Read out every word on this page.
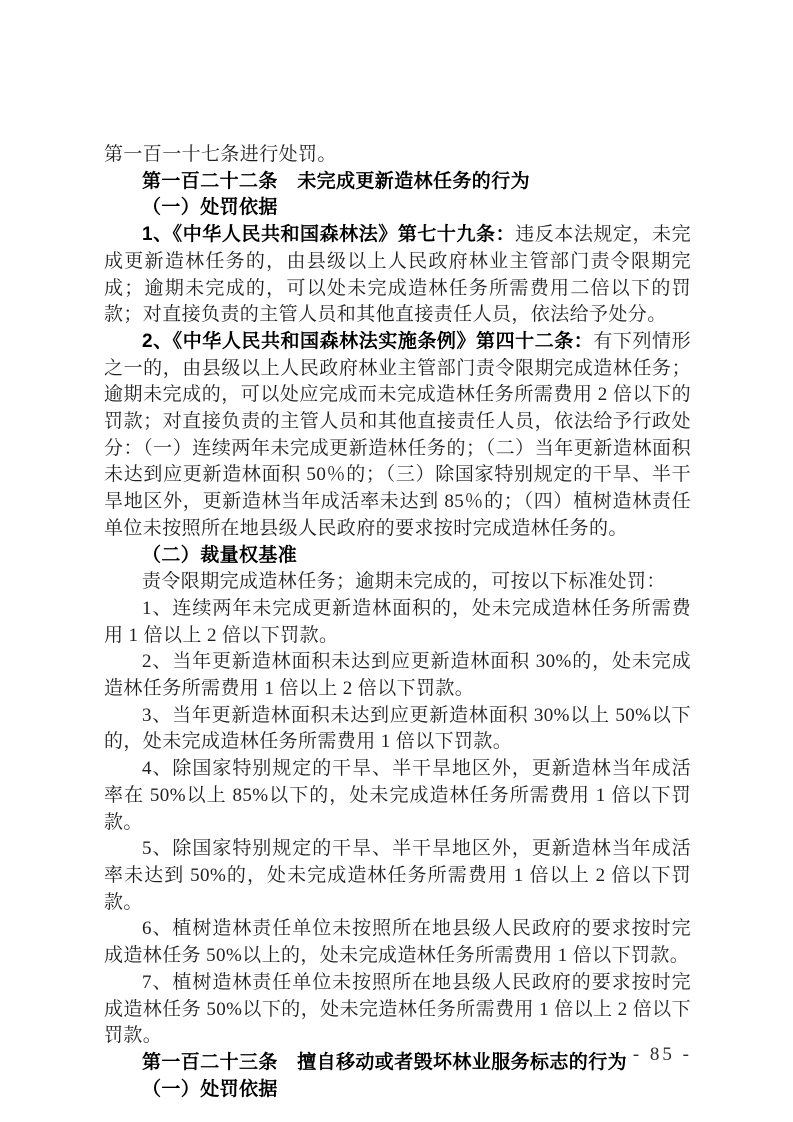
第一百一十七条进行处罚。

第一百二十二条　未完成更新造林任务的行为

（一）处罚依据

1、《中华人民共和国森林法》第七十九条：违反本法规定，未完成更新造林任务的，由县级以上人民政府林业主管部门责令限期完成；逾期未完成的，可以处未完成造林任务所需费用二倍以下的罚款；对直接负责的主管人员和其他直接责任人员，依法给予处分。

2、《中华人民共和国森林法实施条例》第四十二条：有下列情形之一的，由县级以上人民政府林业主管部门责令限期完成造林任务；逾期未完成的，可以处应完成而未完成造林任务所需费用 2 倍以下的罚款；对直接负责的主管人员和其他直接责任人员，依法给予行政处分：（一）连续两年未完成更新造林任务的；（二）当年更新造林面积未达到应更新造林面积 50％的；（三）除国家特别规定的干旱、半干旱地区外，更新造林当年成活率未达到 85％的；（四）植树造林责任单位未按照所在地县级人民政府的要求按时完成造林任务的。

（二）裁量权基准

责令限期完成造林任务；逾期未完成的，可按以下标准处罚：

1、连续两年未完成更新造林面积的，处未完成造林任务所需费用 1 倍以上 2 倍以下罚款。

2、当年更新造林面积未达到应更新造林面积 30%的，处未完成造林任务所需费用 1 倍以上 2 倍以下罚款。

3、当年更新造林面积未达到应更新造林面积 30%以上 50%以下的，处未完成造林任务所需费用 1 倍以下罚款。

4、除国家特别规定的干旱、半干旱地区外，更新造林当年成活率在 50%以上 85%以下的，处未完成造林任务所需费用 1 倍以下罚款。

5、除国家特别规定的干旱、半干旱地区外，更新造林当年成活率未达到 50%的，处未完成造林任务所需费用 1 倍以上 2 倍以下罚款。

6、植树造林责任单位未按照所在地县级人民政府的要求按时完成造林任务 50%以上的，处未完成造林任务所需费用 1 倍以下罚款。

7、植树造林责任单位未按照所在地县级人民政府的要求按时完成造林任务 50%以下的，处未完造林任务所需费用 1 倍以上 2 倍以下罚款。

第一百二十三条　擅自移动或者毁坏林业服务标志的行为

（一）处罚依据

- 85 -
